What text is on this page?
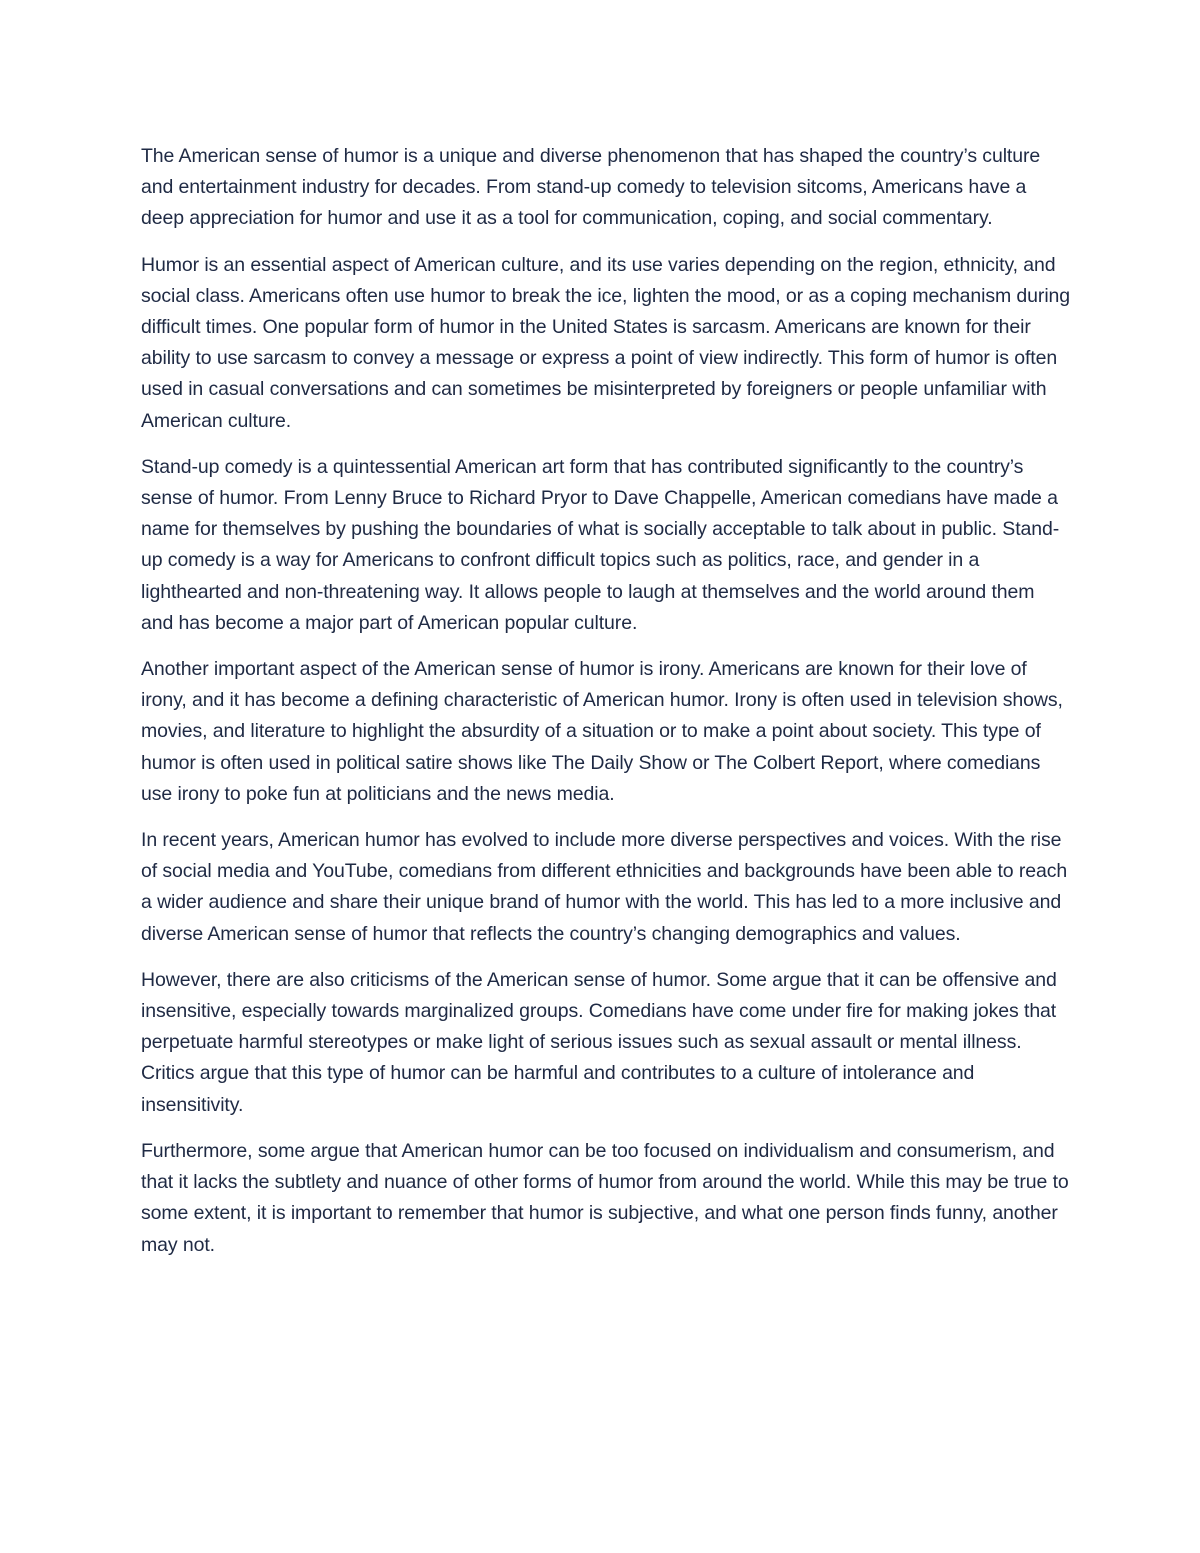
The American sense of humor is a unique and diverse phenomenon that has shaped the country’s culture and entertainment industry for decades. From stand-up comedy to television sitcoms, Americans have a deep appreciation for humor and use it as a tool for communication, coping, and social commentary.

Humor is an essential aspect of American culture, and its use varies depending on the region, ethnicity, and social class. Americans often use humor to break the ice, lighten the mood, or as a coping mechanism during difficult times. One popular form of humor in the United States is sarcasm. Americans are known for their ability to use sarcasm to convey a message or express a point of view indirectly. This form of humor is often used in casual conversations and can sometimes be misinterpreted by foreigners or people unfamiliar with American culture.

Stand-up comedy is a quintessential American art form that has contributed significantly to the country’s sense of humor. From Lenny Bruce to Richard Pryor to Dave Chappelle, American comedians have made a name for themselves by pushing the boundaries of what is socially acceptable to talk about in public. Stand-up comedy is a way for Americans to confront difficult topics such as politics, race, and gender in a lighthearted and non-threatening way. It allows people to laugh at themselves and the world around them and has become a major part of American popular culture.

Another important aspect of the American sense of humor is irony. Americans are known for their love of irony, and it has become a defining characteristic of American humor. Irony is often used in television shows, movies, and literature to highlight the absurdity of a situation or to make a point about society. This type of humor is often used in political satire shows like The Daily Show or The Colbert Report, where comedians use irony to poke fun at politicians and the news media.

In recent years, American humor has evolved to include more diverse perspectives and voices. With the rise of social media and YouTube, comedians from different ethnicities and backgrounds have been able to reach a wider audience and share their unique brand of humor with the world. This has led to a more inclusive and diverse American sense of humor that reflects the country’s changing demographics and values.

However, there are also criticisms of the American sense of humor. Some argue that it can be offensive and insensitive, especially towards marginalized groups. Comedians have come under fire for making jokes that perpetuate harmful stereotypes or make light of serious issues such as sexual assault or mental illness. Critics argue that this type of humor can be harmful and contributes to a culture of intolerance and insensitivity.

Furthermore, some argue that American humor can be too focused on individualism and consumerism, and that it lacks the subtlety and nuance of other forms of humor from around the world. While this may be true to some extent, it is important to remember that humor is subjective, and what one person finds funny, another may not.
